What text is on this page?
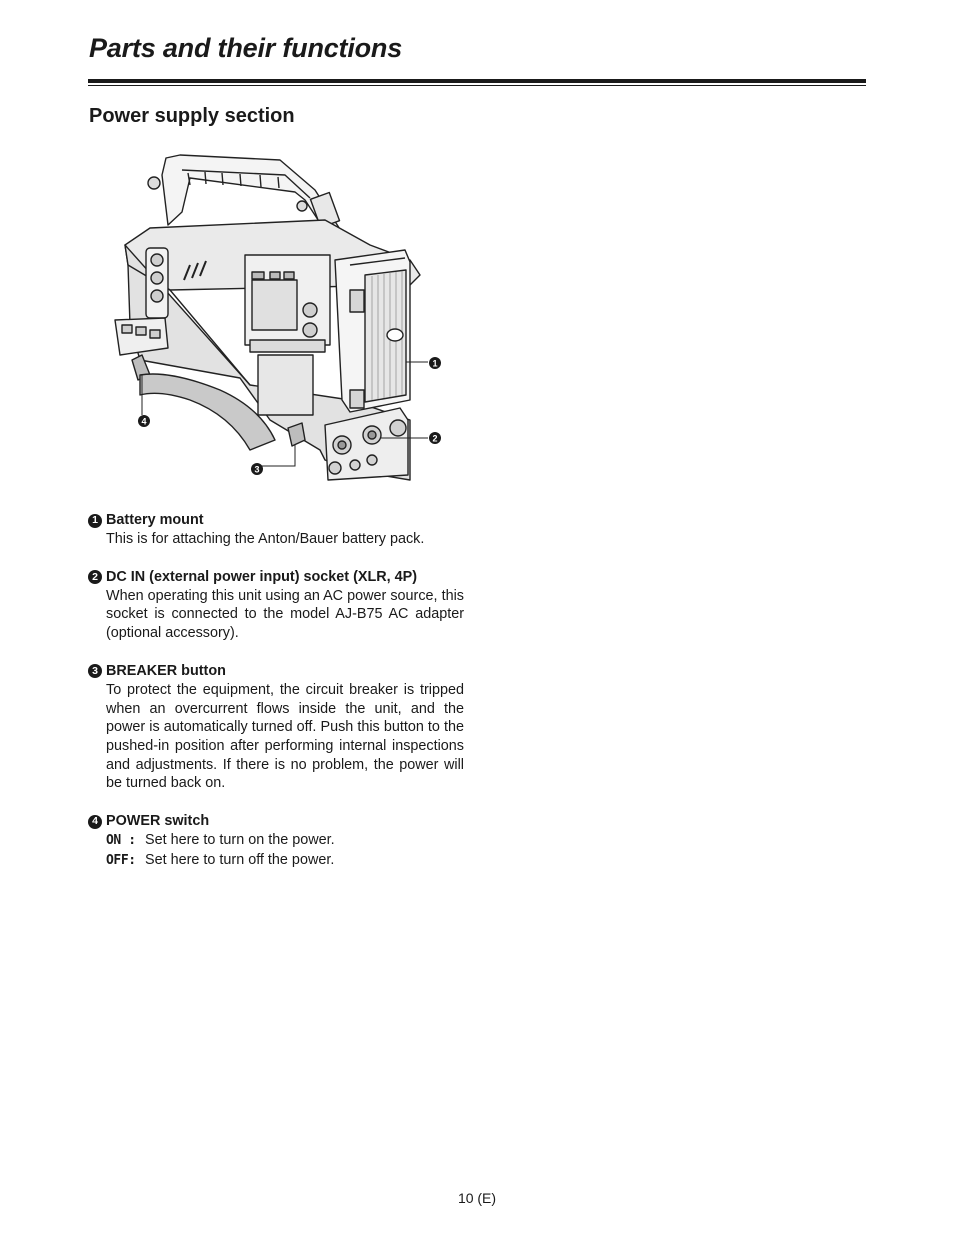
Parts and their functions
Power supply section
1
2
3
4
1 Battery mount
This is for attaching the Anton/Bauer battery pack.
2 DC IN (external power input) socket (XLR, 4P)
When operating this unit using an AC power source, this socket is connected to the model AJ-B75 AC adapter (optional accessory).
3 BREAKER button
To protect the equipment, the circuit breaker is tripped when an overcurrent flows inside the unit, and the power is automatically turned off. Push this button to the pushed-in position after performing internal inspections and adjustments. If there is no problem, the power will be turned back on.
4 POWER switch
ON : Set here to turn on the power.
OFF: Set here to turn off the power.
10 (E)
